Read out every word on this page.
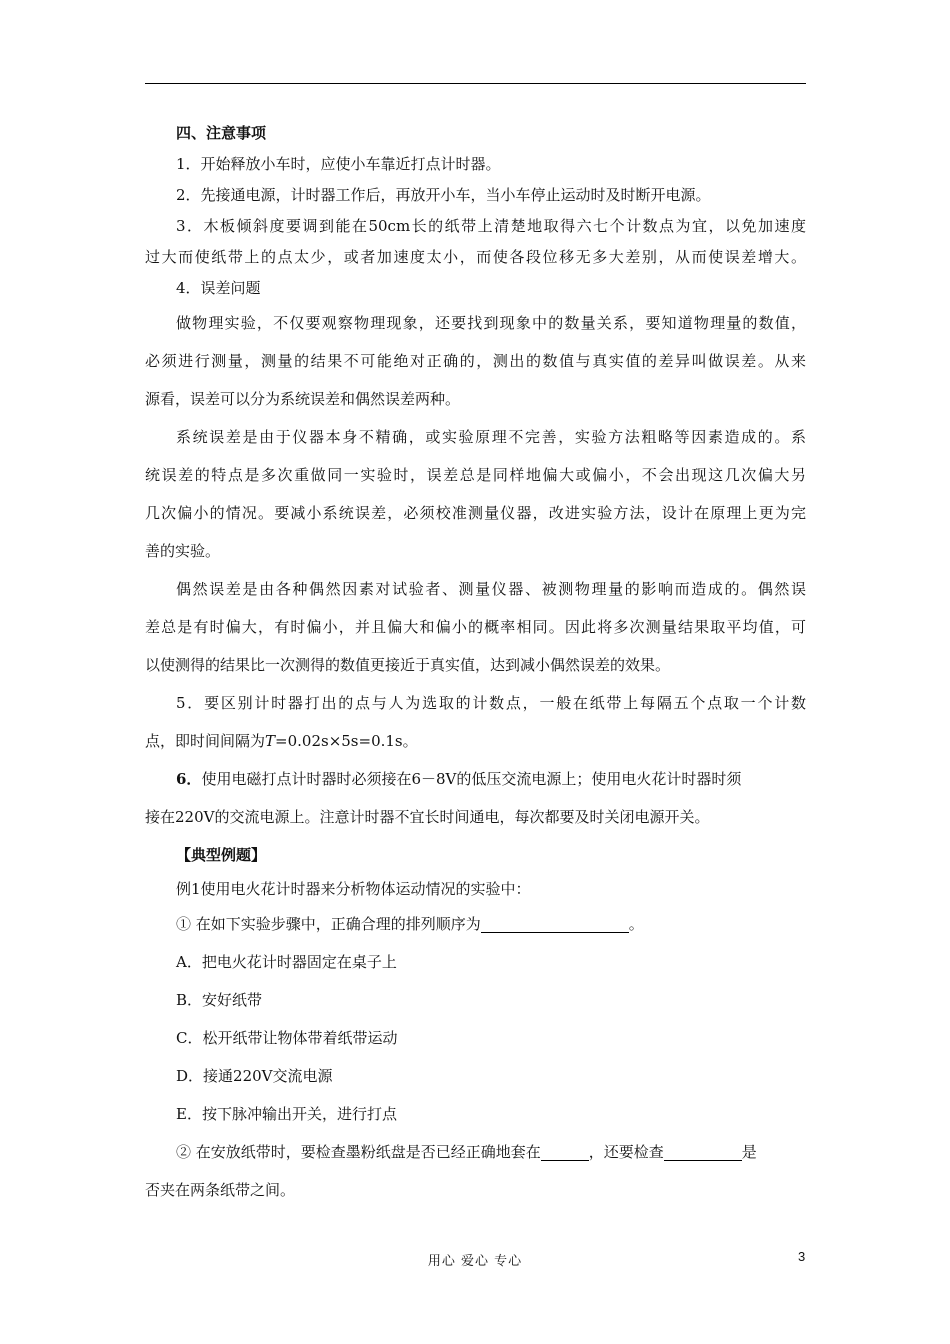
四、注意事项
1．开始释放小车时，应使小车靠近打点计时器。
2．先接通电源，计时器工作后，再放开小车，当小车停止运动时及时断开电源。
3．木板倾斜度要调到能在50cm长的纸带上清楚地取得六七个计数点为宜，以免加速度
过大而使纸带上的点太少，或者加速度太小，而使各段位移无多大差别，从而使误差增大。
4．误差问题
做物理实验，不仅要观察物理现象，还要找到现象中的数量关系，要知道物理量的数值，
必须进行测量，测量的结果不可能绝对正确的，测出的数值与真实值的差异叫做误差。从来
源看，误差可以分为系统误差和偶然误差两种。
系统误差是由于仪器本身不精确，或实验原理不完善，实验方法粗略等因素造成的。系
统误差的特点是多次重做同一实验时，误差总是同样地偏大或偏小，不会出现这几次偏大另
几次偏小的情况。要减小系统误差，必须校准测量仪器，改进实验方法，设计在原理上更为完
善的实验。
偶然误差是由各种偶然因素对试验者、测量仪器、被测物理量的影响而造成的。偶然误
差总是有时偏大，有时偏小，并且偏大和偏小的概率相同。因此将多次测量结果取平均值，可
以使测得的结果比一次测得的数值更接近于真实值，达到减小偶然误差的效果。
5．要区别计时器打出的点与人为选取的计数点，一般在纸带上每隔五个点取一个计数
点，即时间间隔为T=0.02s×5s=0.1s。
6．使用电磁打点计时器时必须接在6－8V的低压交流电源上；使用电火花计时器时须
接在220V的交流电源上。注意计时器不宜长时间通电，每次都要及时关闭电源开关。
【典型例题】
例1使用电火花计时器来分析物体运动情况的实验中：
① 在如下实验步骤中，正确合理的排列顺序为	。
A．把电火花计时器固定在桌子上
B．安好纸带
C．松开纸带让物体带着纸带运动
D．接通220V交流电源
E．按下脉冲输出开关，进行打点
② 在安放纸带时，要检查墨粉纸盘是否已经正确地套在	，还要检查	是
否夹在两条纸带之间。
用心 爱心 专心	3
